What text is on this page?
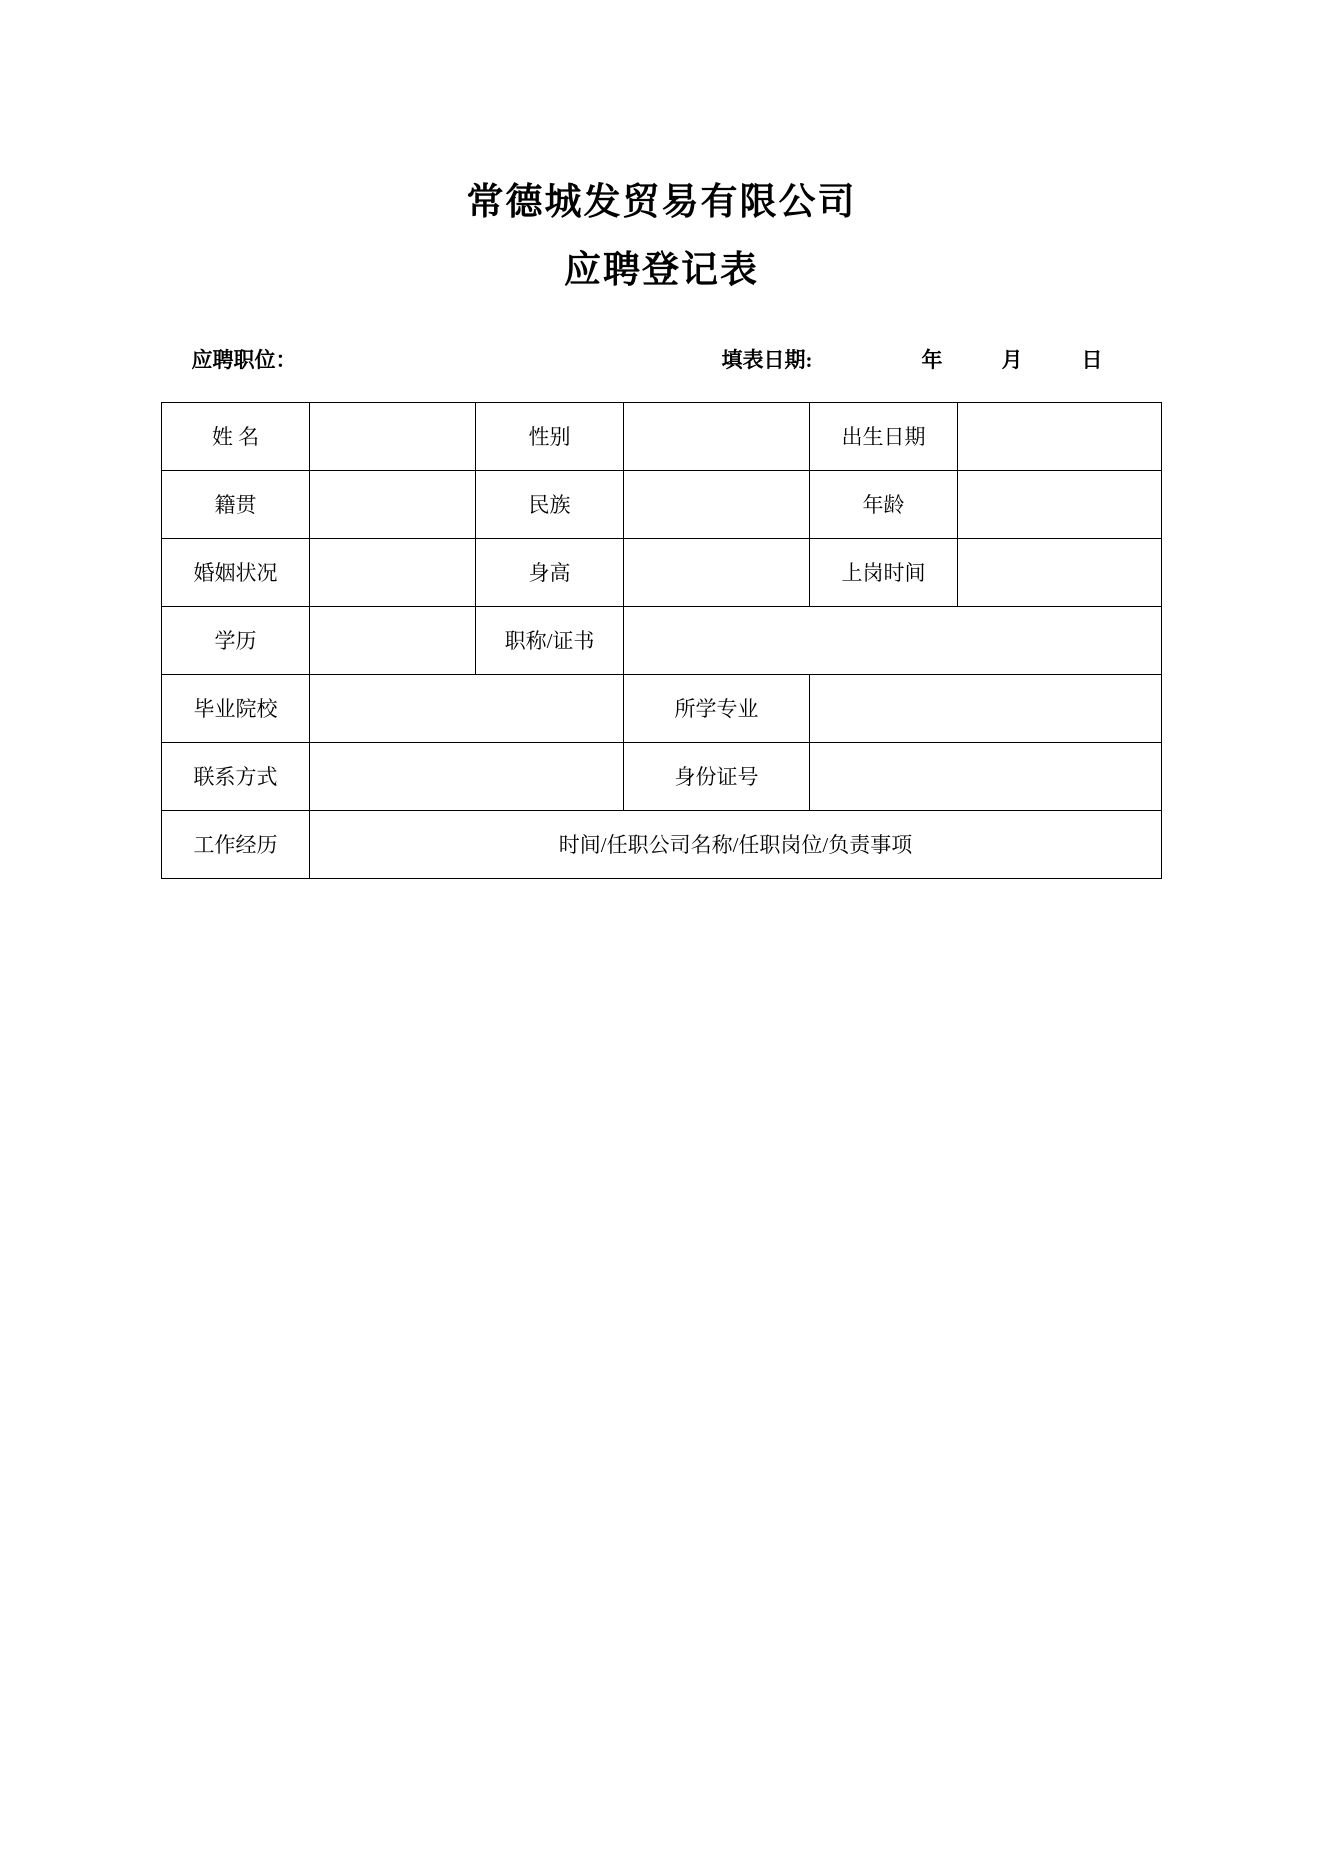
常德城发贸易有限公司
应聘登记表
应聘职位：	填表日期:	年	月	日
姓 名		性别		出生日期	
籍贯		民族		年龄	
婚姻状况		身高		上岗时间	
学历		职称/证书			
毕业院校			所学专业		
联系方式			身份证号		
工作经历	时间/任职公司名称/任职岗位/负责事项				
